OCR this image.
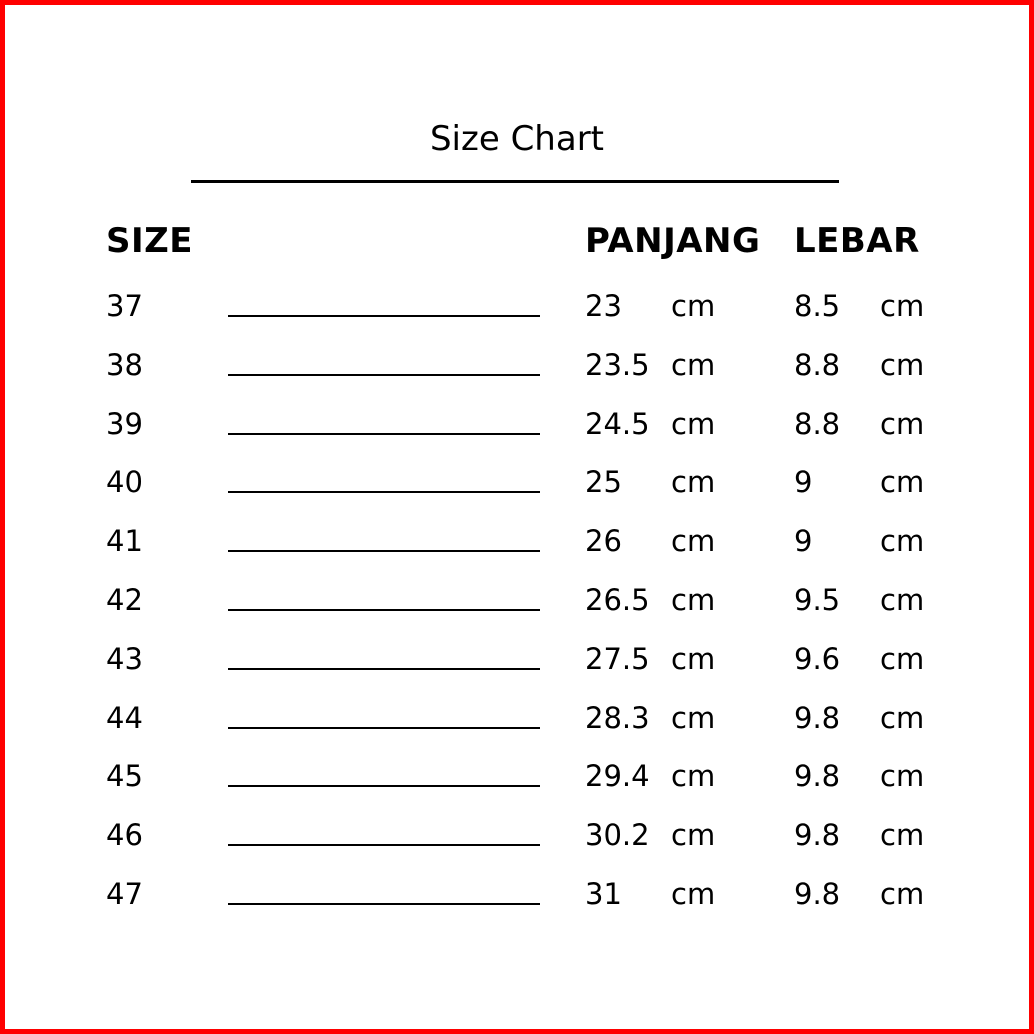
Size Chart
SIZE	PANJANG LEBAR
37	23 cm	8.5 cm
38	23.5 cm	8.8 cm
39	24.5 cm	8.8 cm
40	25 cm	9 cm
41	26 cm	9 cm
42	26.5 cm	9.5 cm
43	27.5 cm	9.6 cm
44	28.3 cm	9.8 cm
45	29.4 cm	9.8 cm
46	30.2 cm	9.8 cm
47	31 cm	9.8 cm
